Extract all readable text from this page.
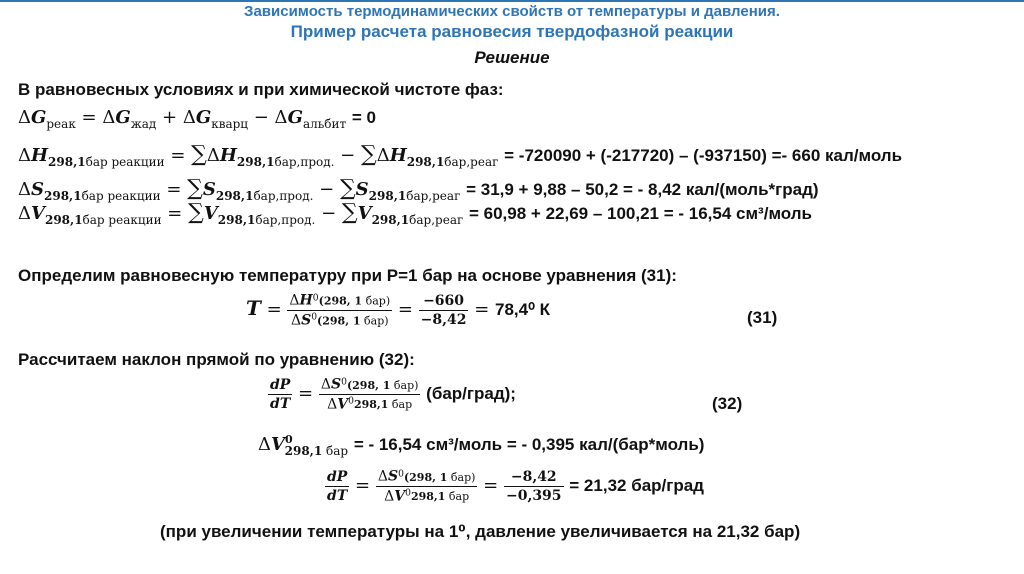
Зависимость термодинамических свойств от температуры и давления.
Пример расчета равновесия твердофазной реакции
Решение
В равновесных условиях и при химической чистоте фаз:
$\Delta G_{реак} = \Delta G_{жад} + \Delta G_{кварц} - \Delta G_{альбит} = 0$
$\Delta H_{298,1бар реакции} = \sum\Delta H_{298,1бар,прод.} - \sum\Delta H_{298,1бар,реаг} = -720090 + (-217720) - (-937150) =- 660$ кал/моль
$\Delta S_{298,1бар реакции} = \sum S_{298,1бар,прод.} - \sum S_{298,1бар,реаг} = 31,9 + 9,88 - 50,2$ = - 8,42 кал/(моль*град)
$\Delta V_{298,1бар реакции} = \sum V_{298,1бар,прод.} - \sum V_{298,1бар,реаг} = 60,98 + 22,69 - 100,21$ = - 16,54 см³/моль
Определим равновесную температуру при P=1 бар на основе уравнения (31):
$T = \frac{\Delta H^0(298, 1 бар)}{\Delta S^0(298, 1 бар)} = \frac{-660}{-8,42} = 78,4^0$ К	(31)
Рассчитаем наклон прямой по уравнению (32):
$\frac{dP}{dT} = \frac{\Delta S^0(298, 1 бар)}{\Delta V^0298,1 бар}$ (бар/град);
(32)
$\Delta V^0_{298,1}$ $_{бар}$ = - 16,54 см³/моль = - 0,395 кал/(бар*моль)
$\frac{dP}{dT} = \frac{\Delta S^0(298, 1 бар)}{\Delta V^0298,1 бар} = \frac{-8,42}{-0,395} = 21,32$ бар/град
(при увеличении температуры на 1⁰, давление увеличивается на 21,32 бар)
